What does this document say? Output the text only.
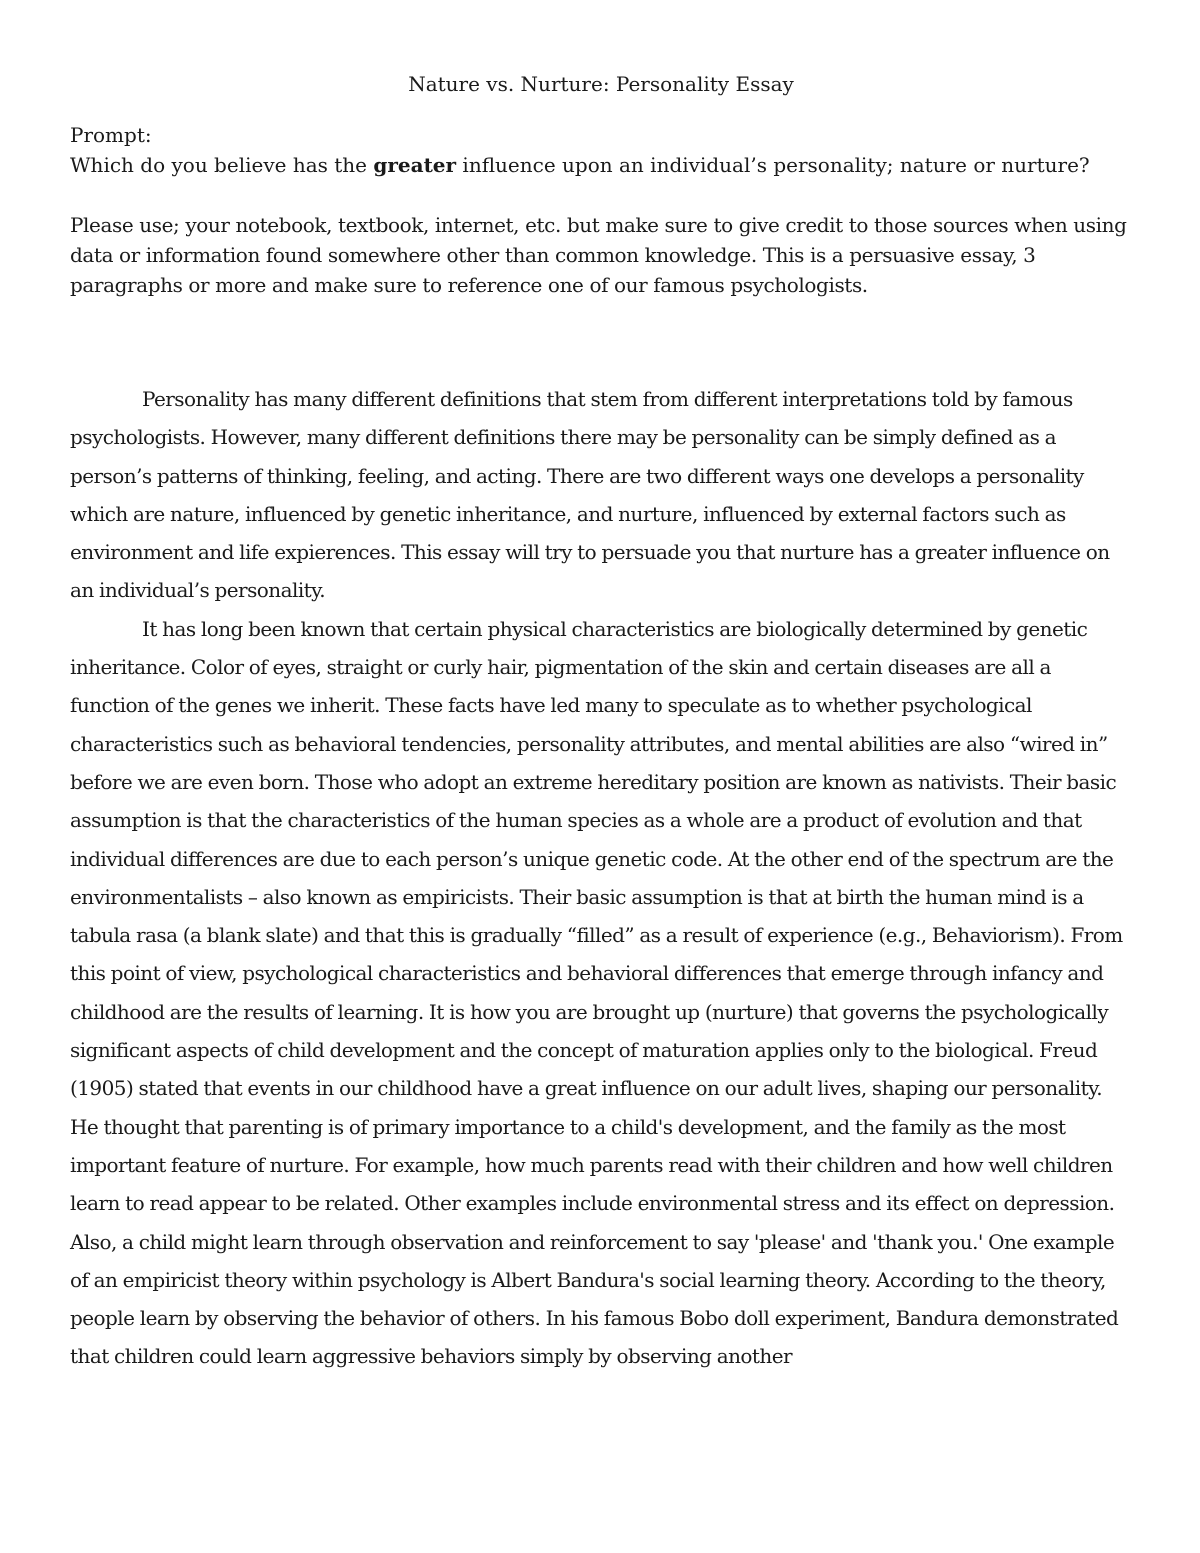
Nature vs. Nurture: Personality Essay

Prompt:

Which do you believe has the greater influence upon an individual’s personality; nature or nurture?

Please use; your notebook, textbook, internet, etc. but make sure to give credit to those sources when using data or information found somewhere other than common knowledge. This is a persuasive essay, 3 paragraphs or more and make sure to reference one of our famous psychologists.

Personality has many different definitions that stem from different interpretations told by famous psychologists. However, many different definitions there may be personality can be simply defined as a person’s patterns of thinking, feeling, and acting. There are two different ways one develops a personality which are nature, influenced by genetic inheritance, and nurture, influenced by external factors such as environment and life expierences. This essay will try to persuade you that nurture has a greater influence on an individual’s personality.

It has long been known that certain physical characteristics are biologically determined by genetic inheritance. Color of eyes, straight or curly hair, pigmentation of the skin and certain diseases are all a function of the genes we inherit. These facts have led many to speculate as to whether psychological characteristics such as behavioral tendencies, personality attributes, and mental abilities are also “wired in” before we are even born. Those who adopt an extreme hereditary position are known as nativists. Their basic assumption is that the characteristics of the human species as a whole are a product of evolution and that individual differences are due to each person’s unique genetic code. At the other end of the spectrum are the environmentalists – also known as empiricists. Their basic assumption is that at birth the human mind is a tabula rasa (a blank slate) and that this is gradually “filled” as a result of experience (e.g., Behaviorism). From this point of view, psychological characteristics and behavioral differences that emerge through infancy and childhood are the results of learning. It is how you are brought up (nurture) that governs the psychologically significant aspects of child development and the concept of maturation applies only to the biological. Freud (1905) stated that events in our childhood have a great influence on our adult lives, shaping our personality. He thought that parenting is of primary importance to a child's development, and the family as the most important feature of nurture. For example, how much parents read with their children and how well children learn to read appear to be related. Other examples include environmental stress and its effect on depression. Also, a child might learn through observation and reinforcement to say 'please' and 'thank you.' One example of an empiricist theory within psychology is Albert Bandura's social learning theory. According to the theory, people learn by observing the behavior of others. In his famous Bobo doll experiment, Bandura demonstrated that children could learn aggressive behaviors simply by observing another
